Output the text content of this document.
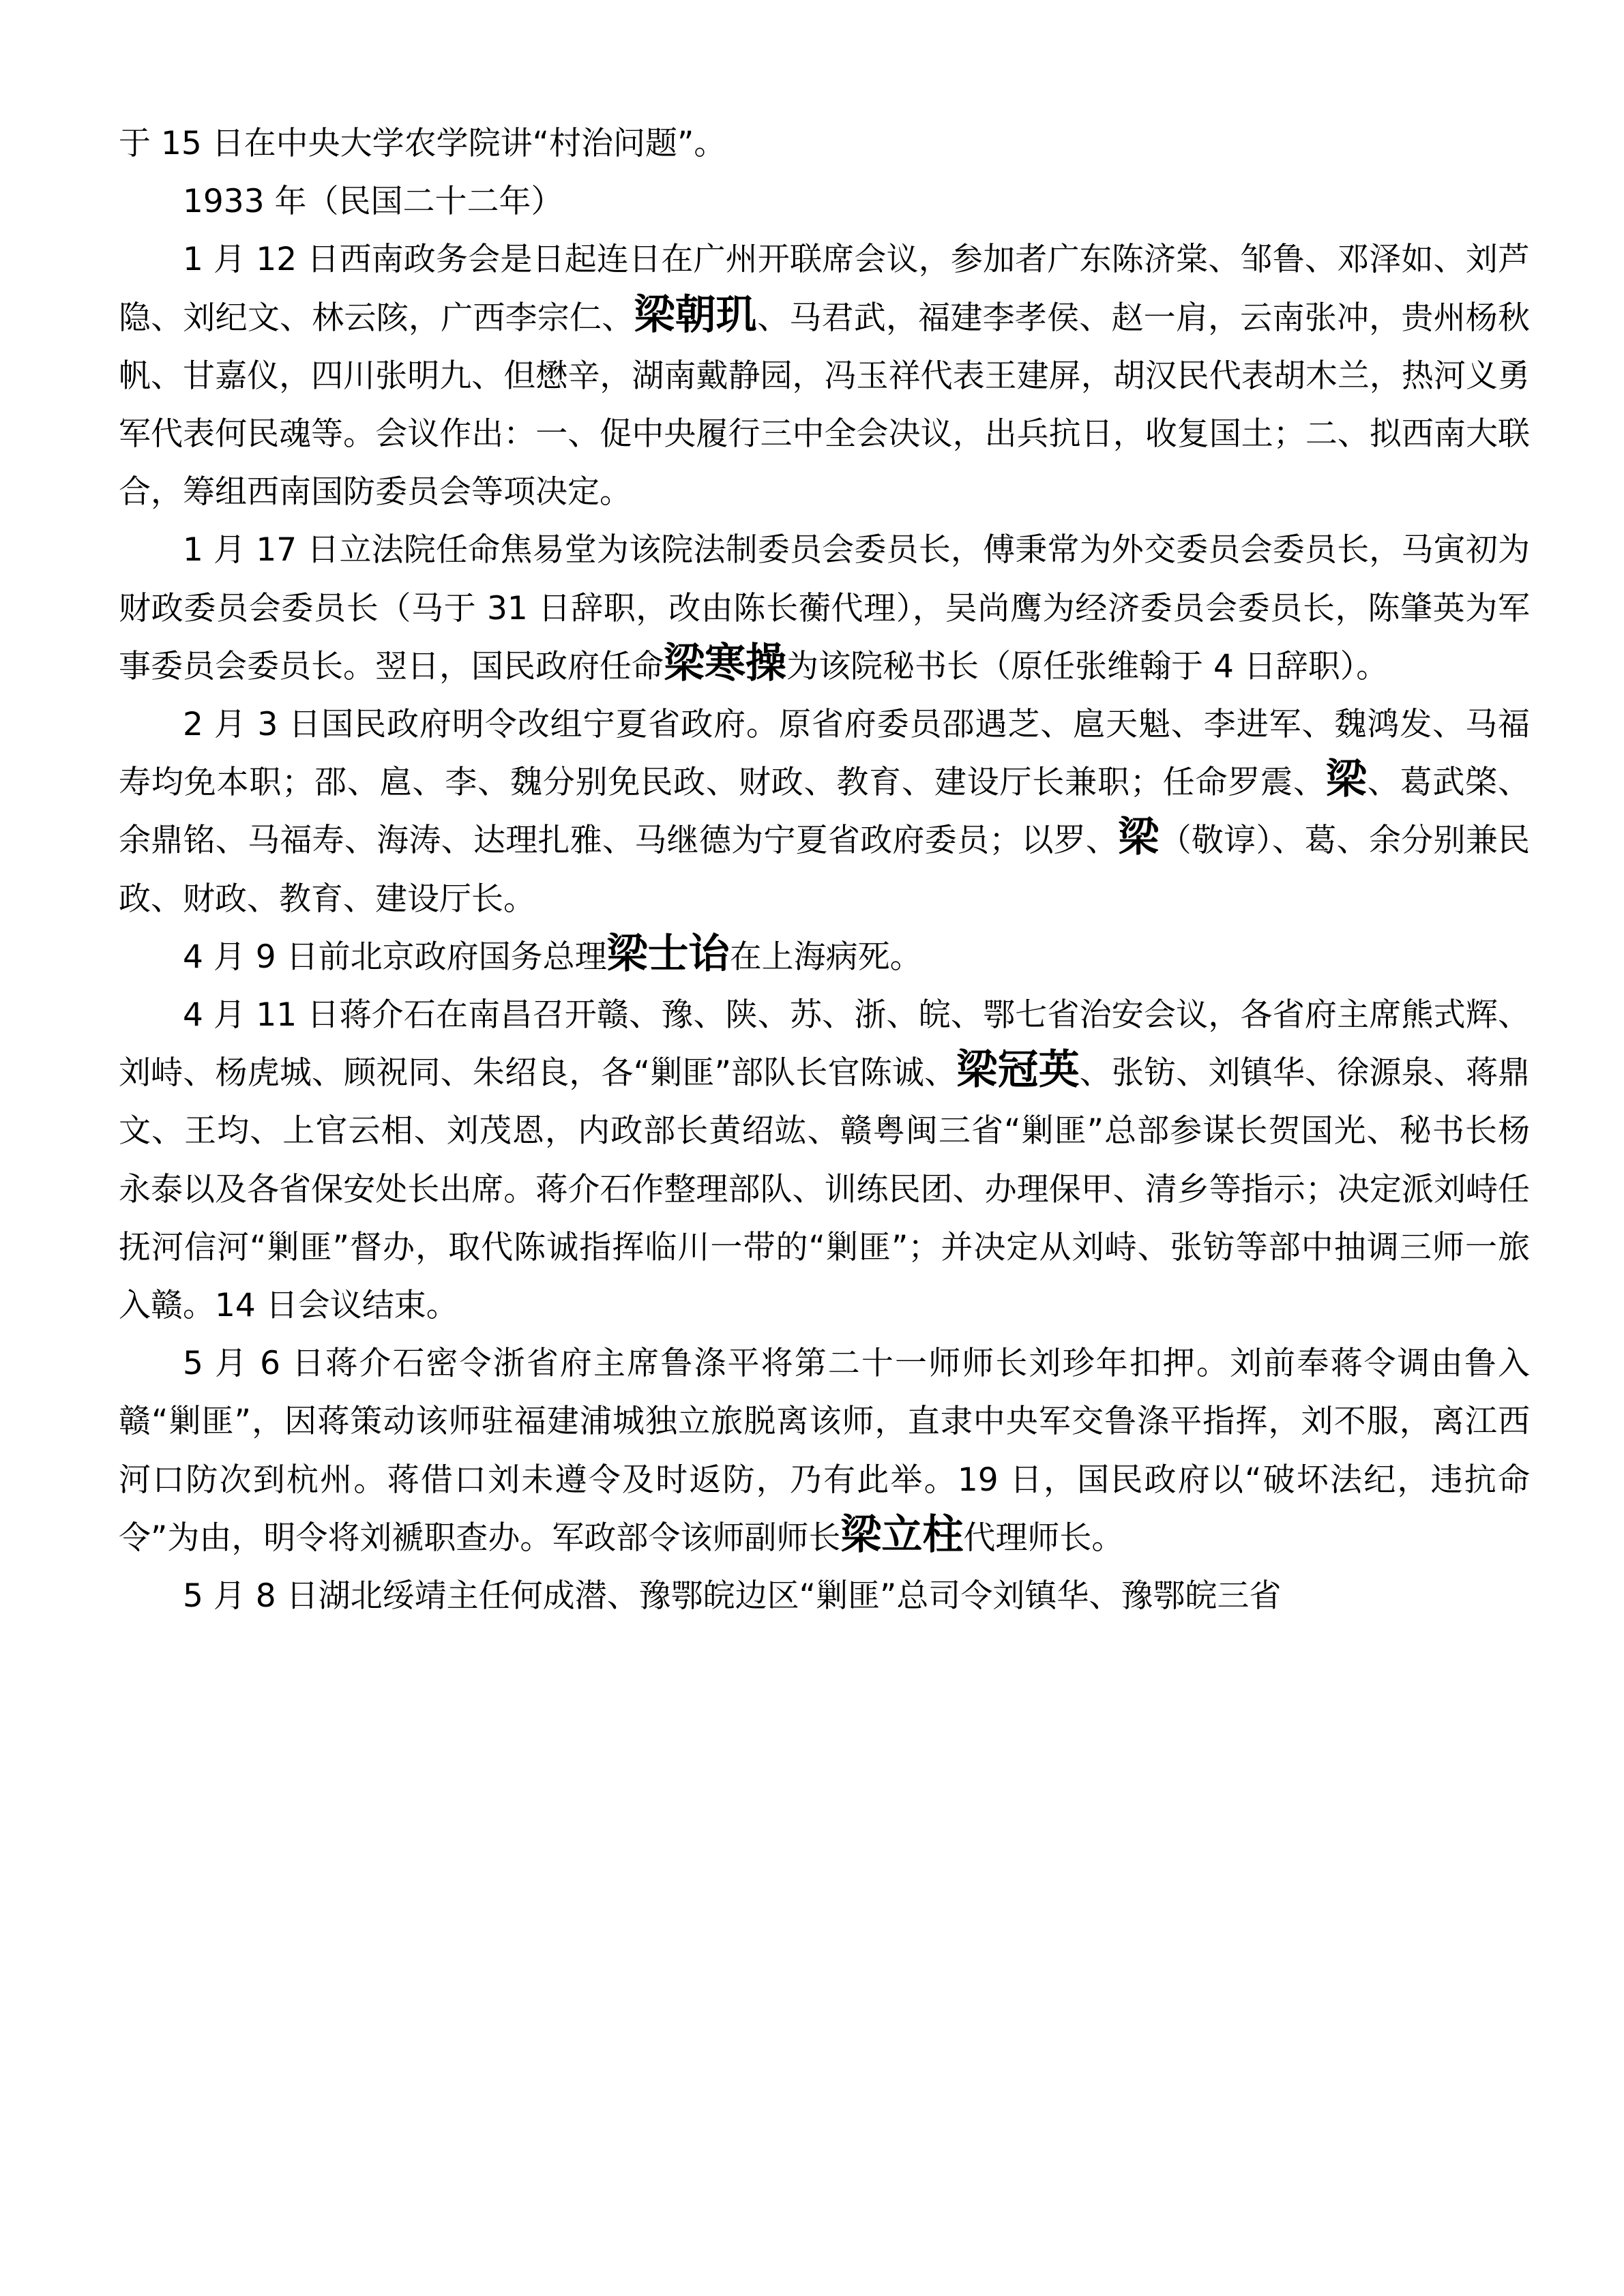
于 15 日在中央大学农学院讲“村治问题”。

1933 年（民国二十二年）

1 月 12 日西南政务会是日起连日在广州开联席会议，参加者广东陈济棠、邹鲁、邓泽如、刘芦隐、刘纪文、林云陔，广西李宗仁、梁朝玑、马君武，福建李孝侯、赵一肩，云南张冲，贵州杨秋帆、甘嘉仪，四川张明九、但懋辛，湖南戴静园，冯玉祥代表王建屏，胡汉民代表胡木兰，热河义勇军代表何民魂等。会议作出：一、促中央履行三中全会决议，出兵抗日，收复国土；二、拟西南大联合，筹组西南国防委员会等项决定。

1 月 17 日立法院任命焦易堂为该院法制委员会委员长，傅秉常为外交委员会委员长，马寅初为财政委员会委员长（马于 31 日辞职，改由陈长蘅代理），吴尚鹰为经济委员会委员长，陈肇英为军事委员会委员长。翌日，国民政府任命梁寒操为该院秘书长（原任张维翰于 4 日辞职）。

2 月 3 日国民政府明令改组宁夏省政府。原省府委员邵遇芝、扈天魁、李进军、魏鸿发、马福寿均免本职；邵、扈、李、魏分别免民政、财政、教育、建设厅长兼职；任命罗震、梁、葛武棨、余鼎铭、马福寿、海涛、达理扎雅、马继德为宁夏省政府委员；以罗、梁（敬谆）、葛、余分别兼民政、财政、教育、建设厅长。

4 月 9 日前北京政府国务总理梁士诒在上海病死。

4 月 11 日蒋介石在南昌召开赣、豫、陕、苏、浙、皖、鄂七省治安会议，各省府主席熊式辉、刘峙、杨虎城、顾祝同、朱绍良，各“剿匪”部队长官陈诚、梁冠英、张钫、刘镇华、徐源泉、蒋鼎文、王均、上官云相、刘茂恩，内政部长黄绍竑、赣粤闽三省“剿匪”总部参谋长贺国光、秘书长杨永泰以及各省保安处长出席。蒋介石作整理部队、训练民团、办理保甲、清乡等指示；决定派刘峙任抚河信河“剿匪”督办，取代陈诚指挥临川一带的“剿匪”；并决定从刘峙、张钫等部中抽调三师一旅入赣。14 日会议结束。

5 月 6 日蒋介石密令浙省府主席鲁涤平将第二十一师师长刘珍年扣押。刘前奉蒋令调由鲁入赣“剿匪”，因蒋策动该师驻福建浦城独立旅脱离该师，直隶中央军交鲁涤平指挥，刘不服，离江西河口防次到杭州。蒋借口刘未遵令及时返防，乃有此举。19 日，国民政府以“破坏法纪，违抗命令”为由，明令将刘褫职查办。军政部令该师副师长梁立柱代理师长。

5 月 8 日湖北绥靖主任何成潜、豫鄂皖边区“剿匪”总司令刘镇华、豫鄂皖三省
